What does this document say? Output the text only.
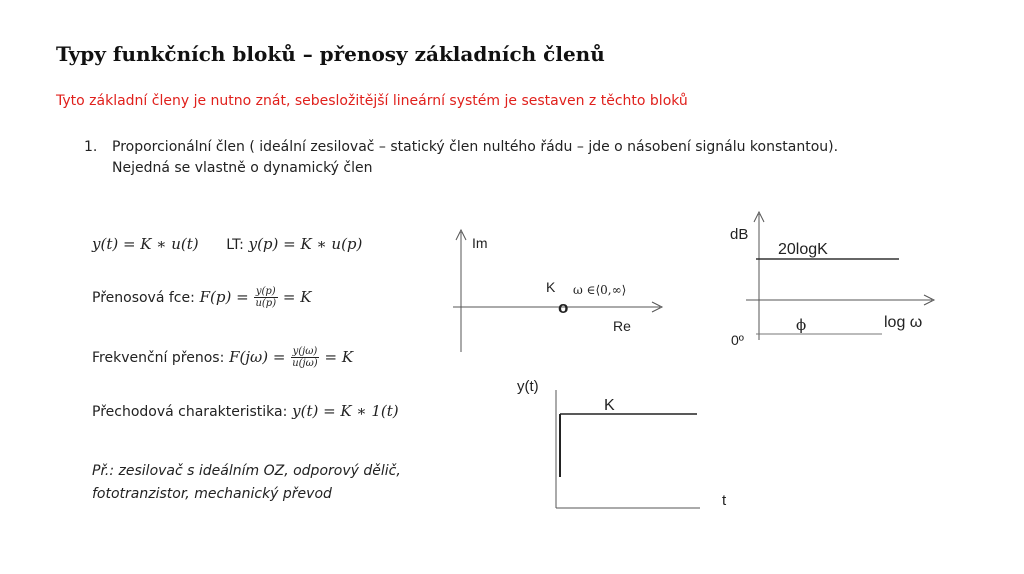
Typy funkčních bloků – přenosy základních členů
Tyto základní členy je nutno znát, sebesložitější lineární systém je sestaven z těchto bloků
1. Proporcionální člen ( ideální zesilovač – statický člen nultého řádu – jde o násobení signálu konstantou).
Nejedná se vlastně o dynamický člen
y(t) = K ∗ u(t) LT: y(p) = K ∗ u(p)
Přenosová fce: $F(p) = \frac{y(p)}{u(p)} = K$
Frekvenční přenos: $F(j\omega) = \frac{y(j\omega)}{u(j\omega)} = K$
Přechodová charakteristika: y(t) = K ∗ 1(t)
Př.: zesilovač s ideálním OZ, odporový dělič,
fototranzistor, mechanický převod
Im
Re
K
o
ω ∈⟨0,∞⟩
dB
20logK
ϕ	log ω
0º
y(t)
K
t
